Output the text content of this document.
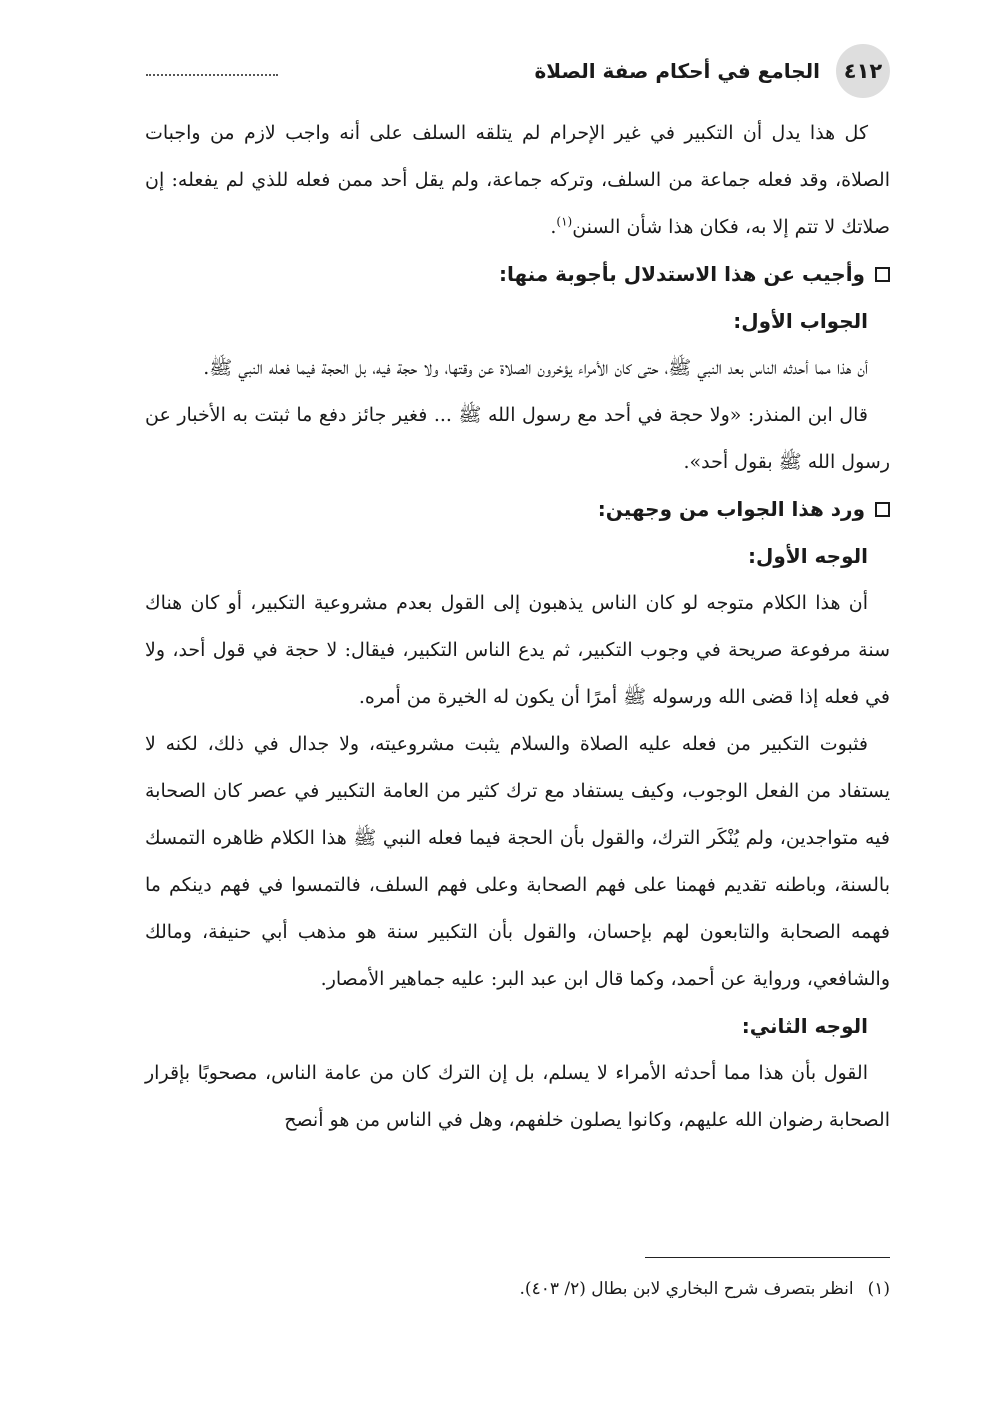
٤١٢
الجامع في أحكام صفة الصلاة

كل هذا يدل أن التكبير في غير الإحرام لم يتلقه السلف على أنه واجب لازم من واجبات الصلاة، وقد فعله جماعة من السلف، وتركه جماعة، ولم يقل أحد ممن فعله للذي لم يفعله: إن صلاتك لا تتم إلا به، فكان هذا شأن السنن$^{(١)}$.

وأجيب عن هذا الاستدلال بأجوبة منها:
الجواب الأول:

أن هذا مما أحدثه الناس بعد النبي ﷺ، حتى كان الأمراء يؤخرون الصلاة عن وقتها، ولا حجة فيه، بل الحجة فيما فعله النبي ﷺ.

قال ابن المنذر: «ولا حجة في أحد مع رسول الله ﷺ ... فغير جائز دفع ما ثبتت به الأخبار عن رسول الله ﷺ بقول أحد».

ورد هذا الجواب من وجهين:
الوجه الأول:

أن هذا الكلام متوجه لو كان الناس يذهبون إلى القول بعدم مشروعية التكبير، أو كان هناك سنة مرفوعة صريحة في وجوب التكبير، ثم يدع الناس التكبير، فيقال: لا حجة في قول أحد، ولا في فعله إذا قضى الله ورسوله ﷺ أمرًا أن يكون له الخيرة من أمره.

فثبوت التكبير من فعله عليه الصلاة والسلام يثبت مشروعيته، ولا جدال في ذلك، لكنه لا يستفاد من الفعل الوجوب، وكيف يستفاد مع ترك كثير من العامة التكبير في عصر كان الصحابة فيه متواجدين، ولم يُنْكَر الترك، والقول بأن الحجة فيما فعله النبي ﷺ هذا الكلام ظاهره التمسك بالسنة، وباطنه تقديم فهمنا على فهم الصحابة وعلى فهم السلف، فالتمسوا في فهم دينكم ما فهمه الصحابة والتابعون لهم بإحسان، والقول بأن التكبير سنة هو مذهب أبي حنيفة، ومالك والشافعي، ورواية عن أحمد، وكما قال ابن عبد البر: عليه جماهير الأمصار.

الوجه الثاني:

القول بأن هذا مما أحدثه الأمراء لا يسلم، بل إن الترك كان من عامة الناس، مصحوبًا بإقرار الصحابة رضوان الله عليهم، وكانوا يصلون خلفهم، وهل في الناس من هو أنصح

(١)انظر بتصرف شرح البخاري لابن بطال (٢/ ٤٠٣).
